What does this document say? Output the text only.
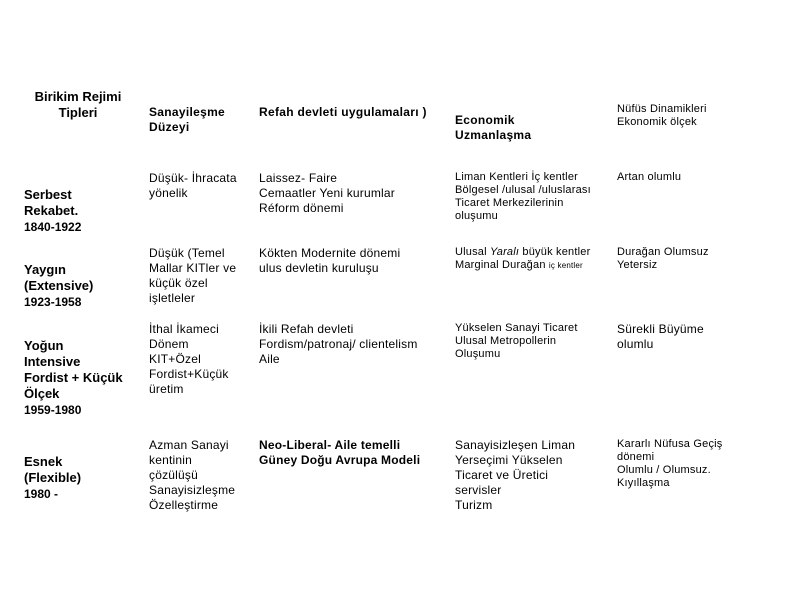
Birikim Rejimi
Tipleri	Sanayileşme
Düzeyi
Refah devleti uygulamaları )
Economik
Uzmanlaşma
Nüfüs Dinamikleri
Ekonomik ölçek

Serbest
Rekabet.

1840-1922

Düşük- İhracata
yönelik
Laissez- Faire
Cemaatler Yeni kurumlar
Réform dönemi
Liman Kentleri İç kentler
Bölgesel /ulusal /uluslarası
Ticaret Merkezilerinin
oluşumu
Artan olumlu

Yaygın
(Extensive)

1923-1958

Düşük (Temel
Mallar KITler ve
küçük özel
işletleler
Kökten Modernite dönemi
ulus devletin kuruluşu
Ulusal Yaralı büyük kentler
Marginal Durağan iç kentler
Durağan Olumsuz
Yetersiz

Yoğun
Intensive
Fordist + Küçük
Ölçek

1959-1980

İthal İkameci
Dönem
KIT+Özel
Fordist+Küçük
üretim
İkili Refah devleti
Fordism/patronaj/ clientelism
Aile
Yükselen Sanayi Ticaret
Ulusal Metropollerin
Oluşumu
Sürekli Büyüme
olumlu

Esnek
(Flexible)

1980 -

Azman Sanayi
kentinin
çözülüşü
Sanayisizleşme
Özelleştirme
Neo-Liberal- Aile temelli
Güney Doğu Avrupa Modeli
Sanayisizleşen Liman
Yerseçimi Yükselen
Ticaret ve Üretici
servisler
Turizm
Kararlı Nüfusa Geçiş
dönemi
Olumlu / Olumsuz.
Kıyıllaşma
